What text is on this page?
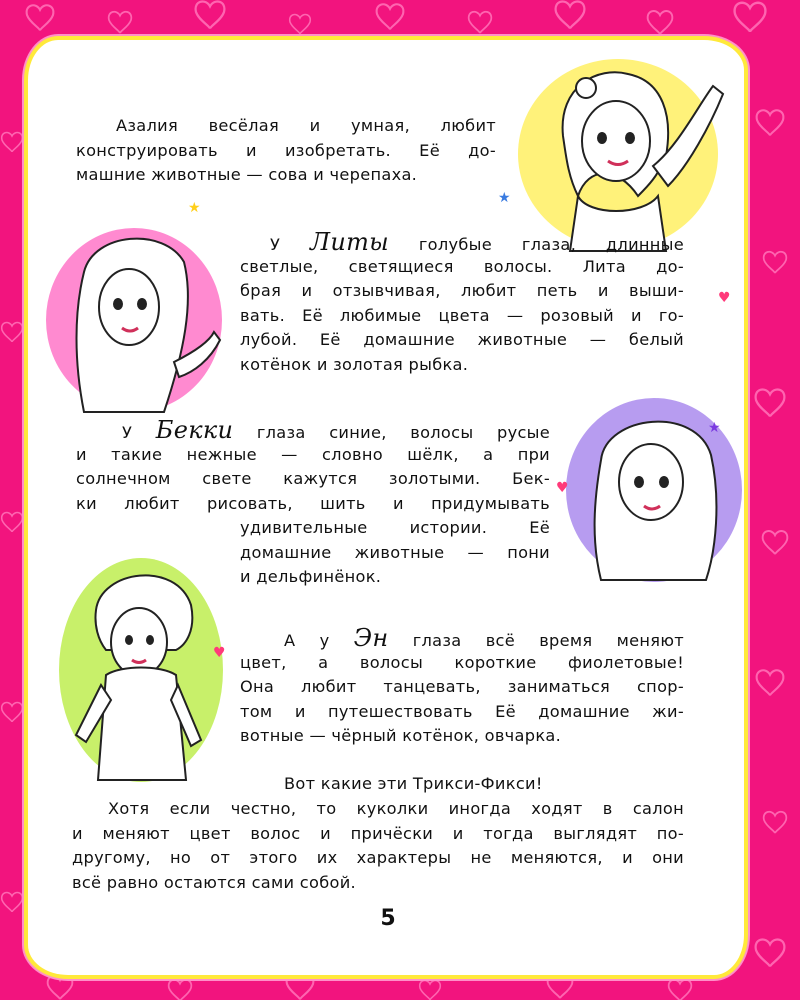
Азалия весёлая и умная, любит
конструировать и изобретать. Её до-
машние животные — сова и черепаха.
У Литы голубые глаза, длинные
светлые, светящиеся волосы. Лита до-
брая и отзывчивая, любит петь и выши-
вать. Её любимые цвета — розовый и го-
лубой. Её домашние животные — белый
котёнок и золотая рыбка.
У Бекки глаза синие, волосы русые
и такие нежные — словно шёлк, а при
солнечном свете кажутся золотыми. Бек-
ки любит рисовать, шить и придумывать
удивительные истории. Её
домашние животные — пони
и дельфинёнок.
А у Эн глаза всё время меняют
цвет, а волосы короткие фиолетовые!
Она любит танцевать, заниматься спор-
том и путешествовать Её домашние жи-
вотные — чёрный котёнок, овчарка.
Вот какие эти Трикси-Фикси!
Хотя если честно, то куколки иногда ходят в салон
и меняют цвет волос и причёски и тогда выглядят по-
другому, но от этого их характеры не меняются, и они
всё равно остаются сами собой.
5
★
♥
★
♥
♥
★
